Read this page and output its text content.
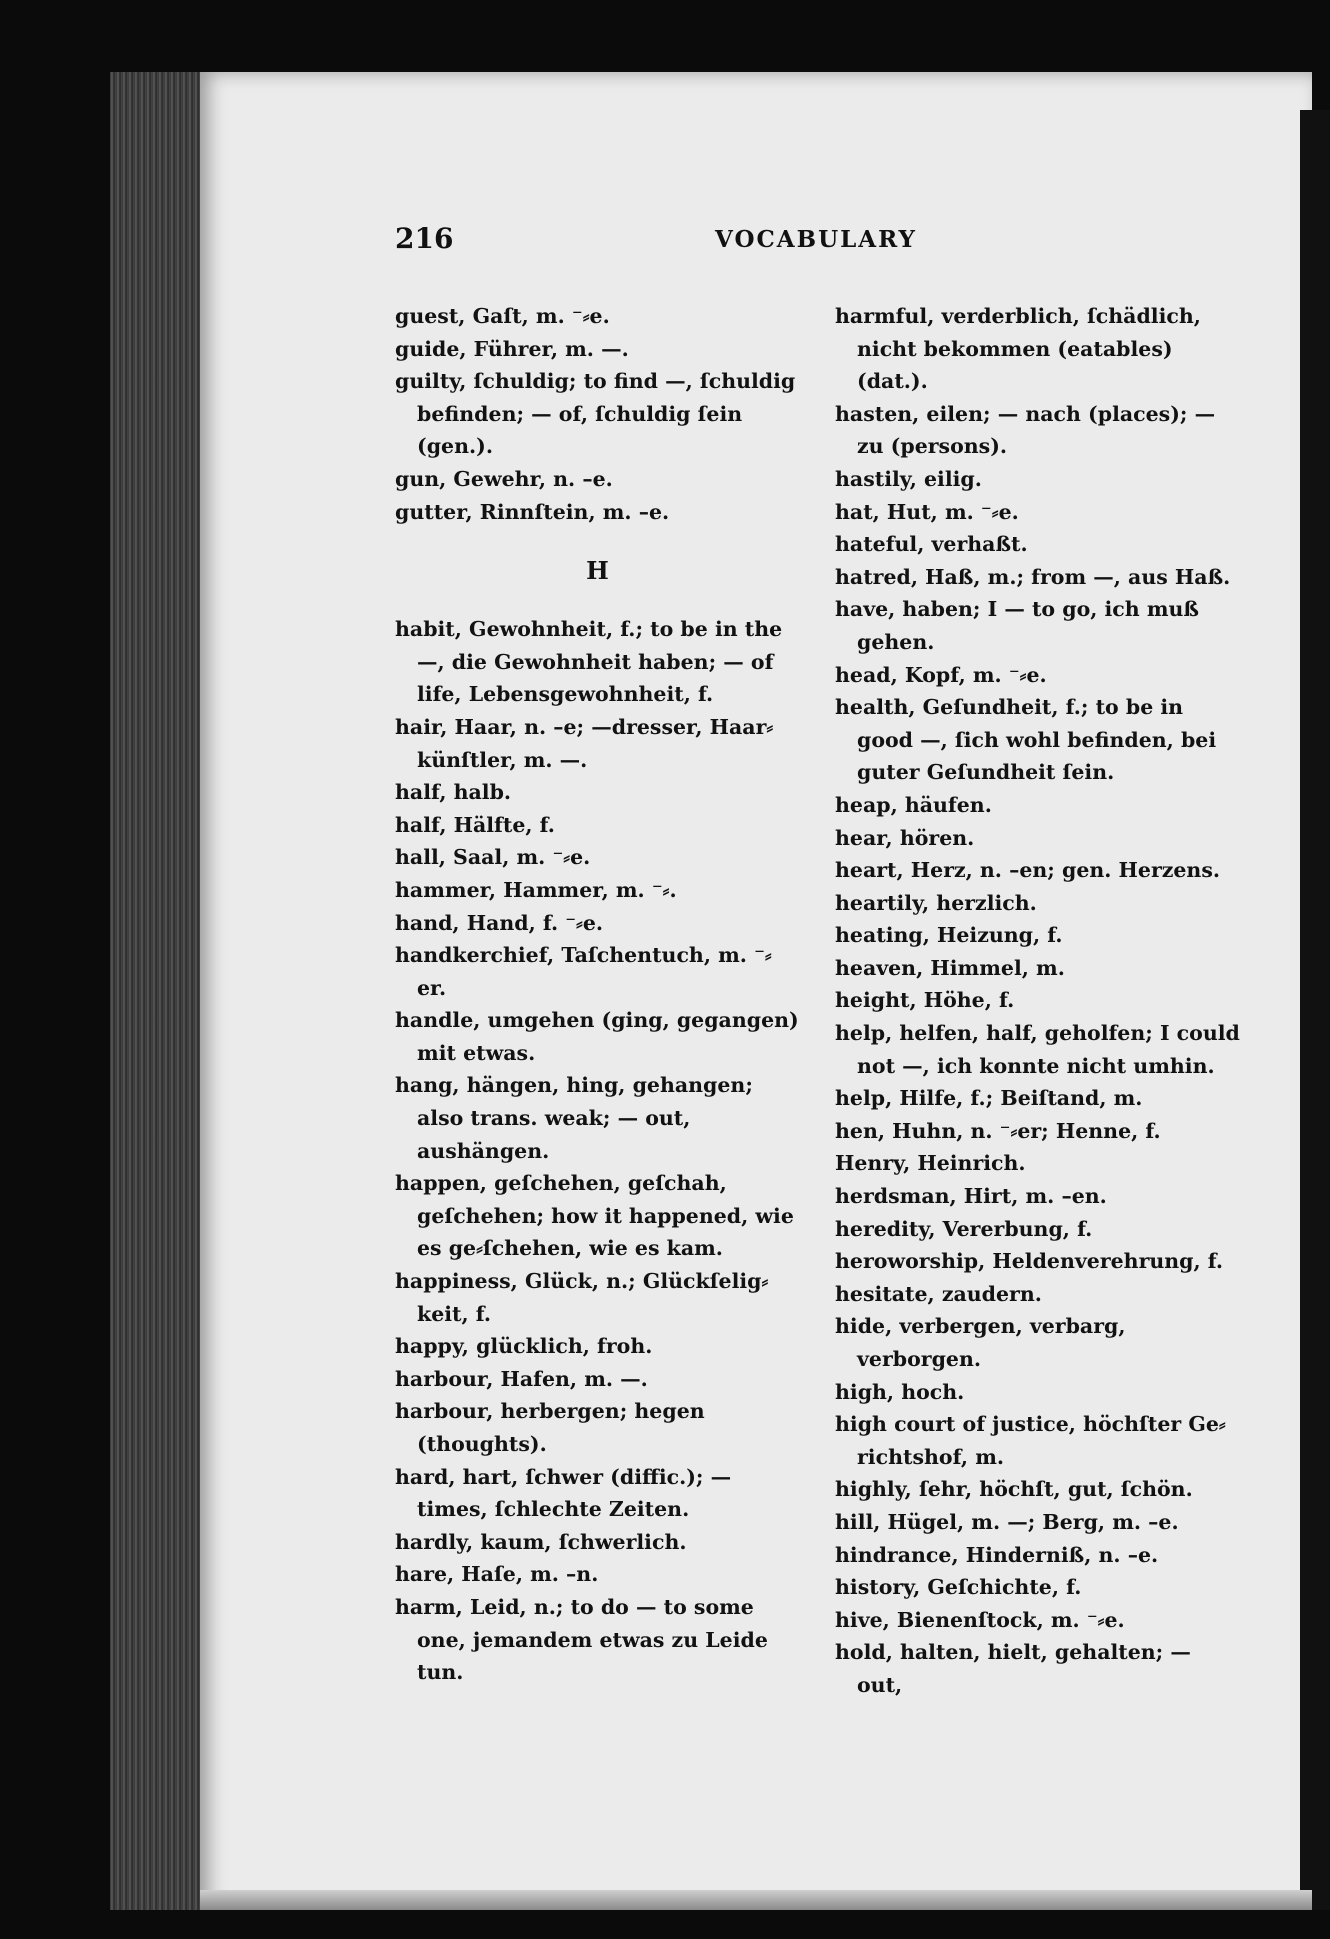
216	VOCABULARY

guest, Gaſt, m. ⁻⸗e.

guide, Führer, m. —.

guilty, ſchuldig; to find —, ſchuldig befinden; — of, ſchuldig ſein (gen.).

gun, Gewehr, n. –e.

gutter, Rinnſtein, m. –e.

H

habit, Gewohnheit, f.; to be in the —, die Gewohnheit haben; — of life, Lebensgewohnheit, f.

hair, Haar, n. –e; —dresser, Haar⸗künſtler, m. —.

half, halb.

half, Hälfte, f.

hall, Saal, m. ⁻⸗e.

hammer, Hammer, m. ⁻⸗.

hand, Hand, f. ⁻⸗e.

handkerchief, Taſchentuch, m. ⁻⸗er.

handle, umgehen (ging, gegangen) mit etwas.

hang, hängen, hing, gehangen; also trans. weak; — out, aushängen.

happen, geſchehen, geſchah, geſchehen; how it happened, wie es ge⸗ſchehen, wie es kam.

happiness, Glück, n.; Glückſelig⸗keit, f.

happy, glücklich, froh.

harbour, Hafen, m. —.

harbour, herbergen; hegen (thoughts).

hard, hart, ſchwer (diffic.); — times, ſchlechte Zeiten.

hardly, kaum, ſchwerlich.

hare, Haſe, m. –n.

harm, Leid, n.; to do — to some one, jemandem etwas zu Leide tun.

harmful, verderblich, ſchädlich, nicht bekommen (eatables) (dat.).

hasten, eilen; — nach (places); — zu (persons).

hastily, eilig.

hat, Hut, m. ⁻⸗e.

hateful, verhaßt.

hatred, Haß, m.; from —, aus Haß.

have, haben; I — to go, ich muß gehen.

head, Kopf, m. ⁻⸗e.

health, Geſundheit, f.; to be in good —, ſich wohl befinden, bei guter Geſundheit ſein.

heap, häufen.

hear, hören.

heart, Herz, n. –en; gen. Herzens.

heartily, herzlich.

heating, Heizung, f.

heaven, Himmel, m.

height, Höhe, f.

help, helfen, half, geholfen; I could not —, ich konnte nicht umhin.

help, Hilfe, f.; Beiſtand, m.

hen, Huhn, n. ⁻⸗er; Henne, f.

Henry, Heinrich.

herdsman, Hirt, m. –en.

heredity, Vererbung, f.

heroworship, Heldenverehrung, f.

hesitate, zaudern.

hide, verbergen, verbarg, verborgen.

high, hoch.

high court of justice, höchſter Ge⸗richtshof, m.

highly, ſehr, höchſt, gut, ſchön.

hill, Hügel, m. —; Berg, m. –e.

hindrance, Hinderniß, n. –e.

history, Geſchichte, f.

hive, Bienenſtock, m. ⁻⸗e.

hold, halten, hielt, gehalten; — out,
